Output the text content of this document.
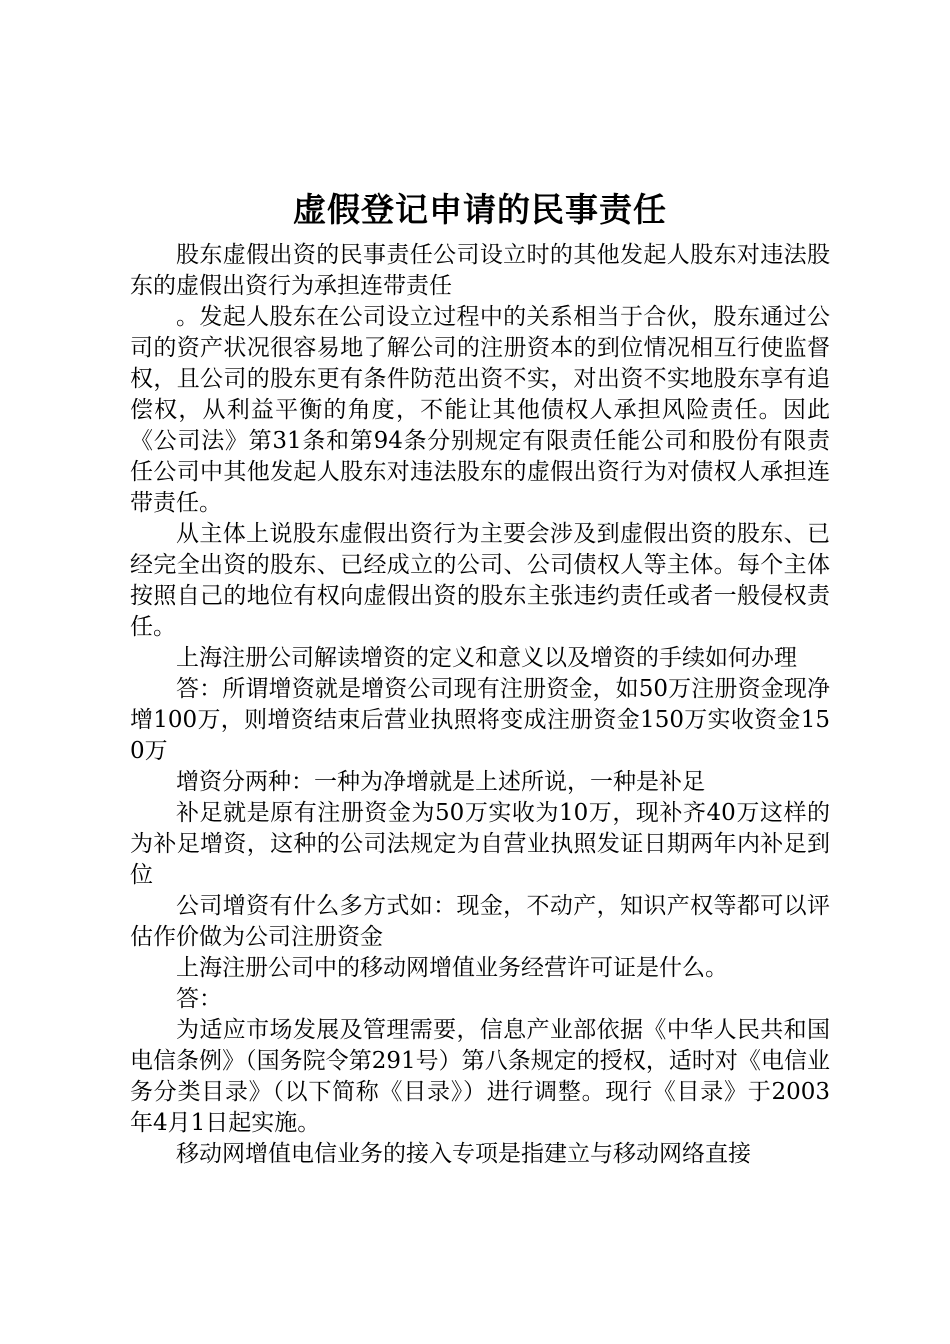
虚假登记申请的民事责任

股东虚假出资的民事责任公司设立时的其他发起人股东对违法股东的虚假出资行为承担连带责任

。发起人股东在公司设立过程中的关系相当于合伙，股东通过公司的资产状况很容易地了解公司的注册资本的到位情况相互行使监督权，且公司的股东更有条件防范出资不实，对出资不实地股东享有追偿权，从利益平衡的角度，不能让其他债权人承担风险责任。因此《公司法》第31条和第94条分别规定有限责任能公司和股份有限责任公司中其他发起人股东对违法股东的虚假出资行为对债权人承担连带责任。

从主体上说股东虚假出资行为主要会涉及到虚假出资的股东、已经完全出资的股东、已经成立的公司、公司债权人等主体。每个主体按照自己的地位有权向虚假出资的股东主张违约责任或者一般侵权责任。

上海注册公司解读增资的定义和意义以及增资的手续如何办理

答：所谓增资就是增资公司现有注册资金，如50万注册资金现净增100万，则增资结束后营业执照将变成注册资金150万实收资金150万

增资分两种：一种为净增就是上述所说，一种是补足

补足就是原有注册资金为50万实收为10万，现补齐40万这样的为补足增资，这种的公司法规定为自营业执照发证日期两年内补足到位

公司增资有什么多方式如：现金，不动产，知识产权等都可以评估作价做为公司注册资金

上海注册公司中的移动网增值业务经营许可证是什么。

答：

为适应市场发展及管理需要，信息产业部依据《中华人民共和国电信条例》（国务院令第291号）第八条规定的授权，适时对《电信业务分类目录》（以下简称《目录》）进行调整。现行《目录》于2003年4月1日起实施。

移动网增值电信业务的接入专项是指建立与移动网络直接
